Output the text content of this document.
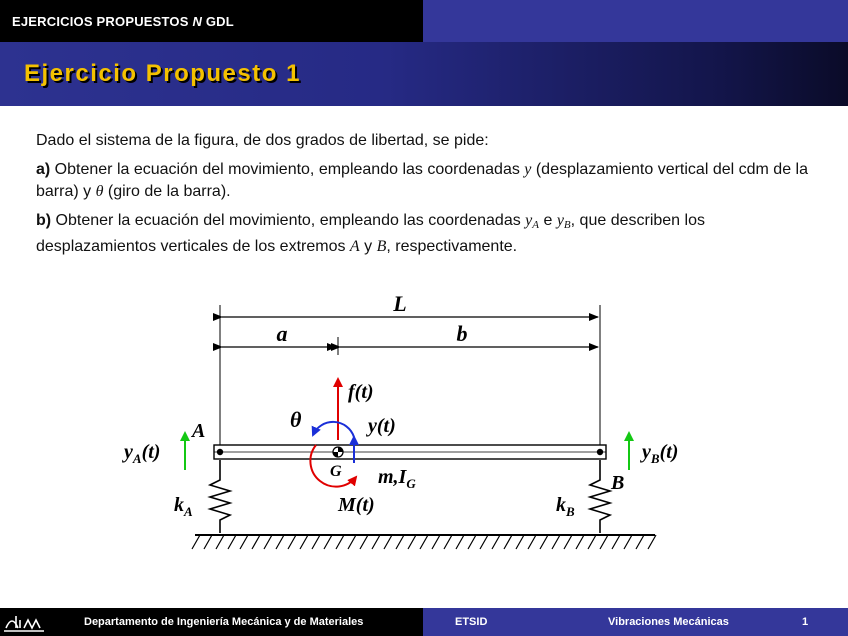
EJERCICIOS PROPUESTOS N GDL
Ejercicio Propuesto 1

Dado el sistema de la figura, de dos grados de libertad, se pide:

a) Obtener la ecuación del movimiento, empleando las coordenadas y (desplazamiento vertical del cdm de la barra) y θ (giro de la barra).

b) Obtener la ecuación del movimiento, empleando las coordenadas $y_A$ e $y_B$, que describen los desplazamientos verticales de los extremos A y B, respectivamente.

L
a	b
f(t)
y(t)
θ
M(t)
G $m,I_G$
A
B
$y_A(t)$	$y_B(t)$
$k_A$	$k_B$
Departamento de Ingeniería Mecánica y de Materiales	ETSID	Vibraciones Mecánicas	1
